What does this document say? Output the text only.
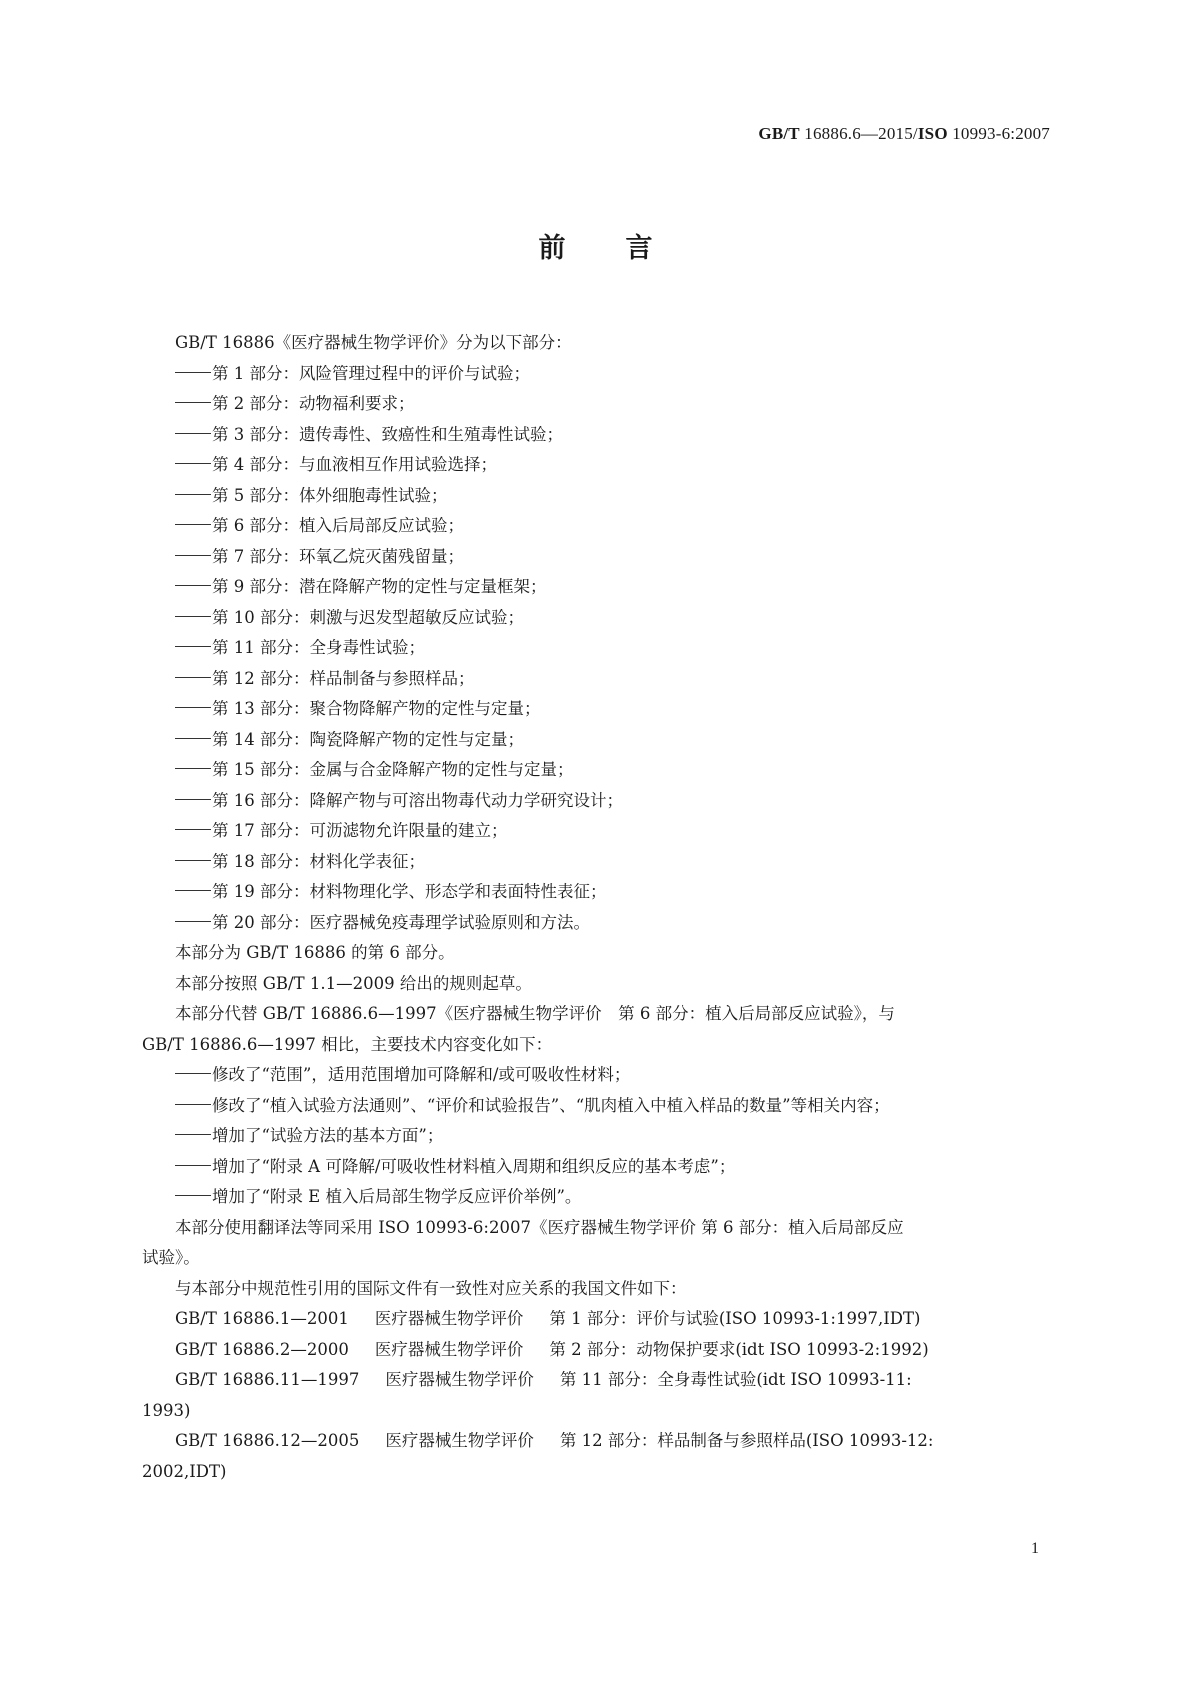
GB/T 16886.6—2015/ISO 10993-6:2007
前 言
GB/T 16886《医疗器械生物学评价》分为以下部分：
第 1 部分：风险管理过程中的评价与试验；
第 2 部分：动物福利要求；
第 3 部分：遗传毒性、致癌性和生殖毒性试验；
第 4 部分：与血液相互作用试验选择；
第 5 部分：体外细胞毒性试验；
第 6 部分：植入后局部反应试验；
第 7 部分：环氧乙烷灭菌残留量；
第 9 部分：潜在降解产物的定性与定量框架；
第 10 部分：刺激与迟发型超敏反应试验；
第 11 部分：全身毒性试验；
第 12 部分：样品制备与参照样品；
第 13 部分：聚合物降解产物的定性与定量；
第 14 部分：陶瓷降解产物的定性与定量；
第 15 部分：金属与合金降解产物的定性与定量；
第 16 部分：降解产物与可溶出物毒代动力学研究设计；
第 17 部分：可沥滤物允许限量的建立；
第 18 部分：材料化学表征；
第 19 部分：材料物理化学、形态学和表面特性表征；
第 20 部分：医疗器械免疫毒理学试验原则和方法。
本部分为 GB/T 16886 的第 6 部分。
本部分按照 GB/T 1.1—2009 给出的规则起草。
本部分代替 GB/T 16886.6—1997《医疗器械生物学评价　第 6 部分：植入后局部反应试验》，与
GB/T 16886.6—1997 相比，主要技术内容变化如下：
修改了“范围”，适用范围增加可降解和/或可吸收性材料；
修改了“植入试验方法通则”、“评价和试验报告”、“肌肉植入中植入样品的数量”等相关内容；
增加了“试验方法的基本方面”；
增加了“附录 A 可降解/可吸收性材料植入周期和组织反应的基本考虑”；
增加了“附录 E 植入后局部生物学反应评价举例”。
本部分使用翻译法等同采用 ISO 10993-6:2007《医疗器械生物学评价 第 6 部分：植入后局部反应
试验》。
与本部分中规范性引用的国际文件有一致性对应关系的我国文件如下：
GB/T 16886.1—2001 医疗器械生物学评价 第 1 部分：评价与试验(ISO 10993-1:1997,IDT)
GB/T 16886.2—2000 医疗器械生物学评价 第 2 部分：动物保护要求(idt ISO 10993-2:1992)
GB/T 16886.11—1997 医疗器械生物学评价 第 11 部分：全身毒性试验(idt ISO 10993-11:
1993)
GB/T 16886.12—2005 医疗器械生物学评价 第 12 部分：样品制备与参照样品(ISO 10993-12:
2002,IDT)
1
